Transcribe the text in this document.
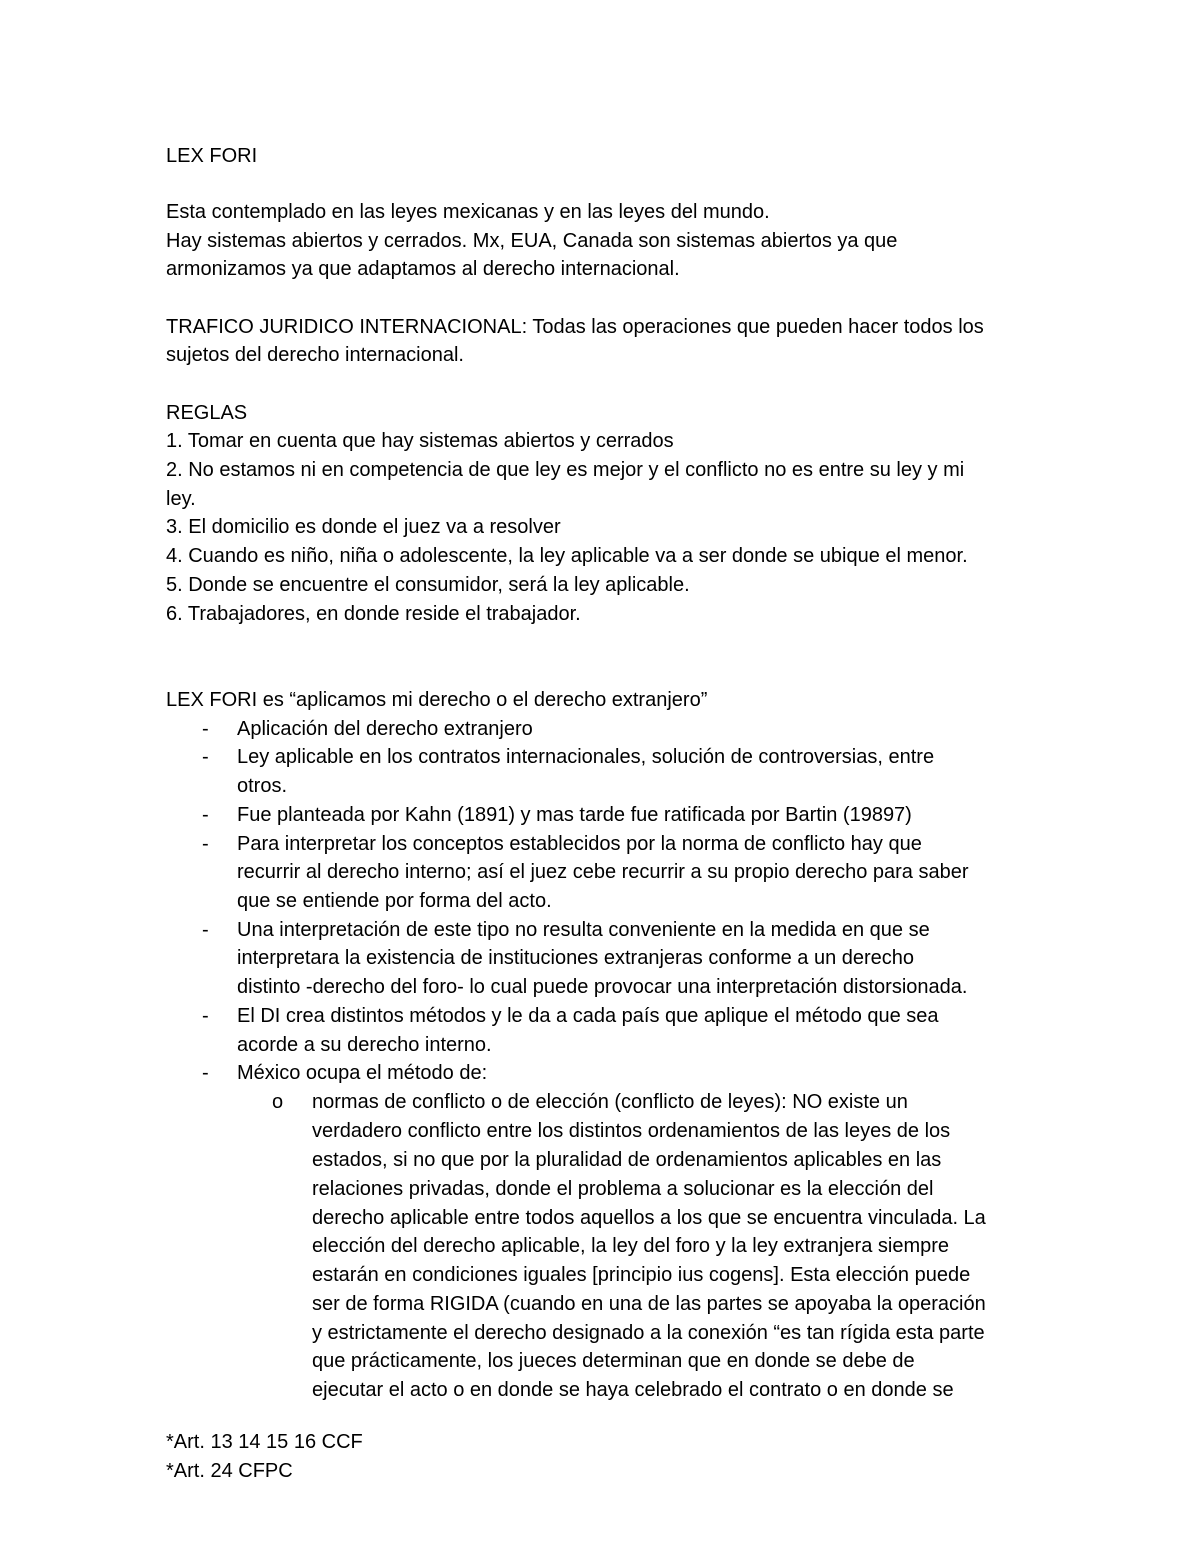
LEX FORI
Esta contemplado en las leyes mexicanas y en las leyes del mundo.
Hay sistemas abiertos y cerrados. Mx, EUA, Canada son sistemas abiertos ya que
armonizamos ya que adaptamos al derecho internacional.
TRAFICO JURIDICO INTERNACIONAL: Todas las operaciones que pueden hacer todos los
sujetos del derecho internacional.
REGLAS
1. Tomar en cuenta que hay sistemas abiertos y cerrados
2. No estamos ni en competencia de que ley es mejor y el conflicto no es entre su ley y mi
ley.
3. El domicilio es donde el juez va a resolver
4. Cuando es niño, niña o adolescente, la ley aplicable va a ser donde se ubique el menor.
5. Donde se encuentre el consumidor, será la ley aplicable.
6. Trabajadores, en donde reside el trabajador.
LEX FORI es “aplicamos mi derecho o el derecho extranjero”
- Aplicación del derecho extranjero
- Ley aplicable en los contratos internacionales, solución de controversias, entre
otros.
- Fue planteada por Kahn (1891) y mas tarde fue ratificada por Bartin (19897)
- Para interpretar los conceptos establecidos por la norma de conflicto hay que
recurrir al derecho interno; así el juez cebe recurrir a su propio derecho para saber
que se entiende por forma del acto.
- Una interpretación de este tipo no resulta conveniente en la medida en que se
interpretara la existencia de instituciones extranjeras conforme a un derecho
distinto -derecho del foro- lo cual puede provocar una interpretación distorsionada.
- El DI crea distintos métodos y le da a cada país que aplique el método que sea
acorde a su derecho interno.
- México ocupa el método de:
o normas de conflicto o de elección (conflicto de leyes): NO existe un
verdadero conflicto entre los distintos ordenamientos de las leyes de los
estados, si no que por la pluralidad de ordenamientos aplicables en las
relaciones privadas, donde el problema a solucionar es la elección del
derecho aplicable entre todos aquellos a los que se encuentra vinculada. La
elección del derecho aplicable, la ley del foro y la ley extranjera siempre
estarán en condiciones iguales [principio ius cogens]. Esta elección puede
ser de forma RIGIDA (cuando en una de las partes se apoyaba la operación
y estrictamente el derecho designado a la conexión “es tan rígida esta parte
que prácticamente, los jueces determinan que en donde se debe de
ejecutar el acto o en donde se haya celebrado el contrato o en donde se
*Art. 13 14 15 16 CCF
*Art. 24 CFPC
